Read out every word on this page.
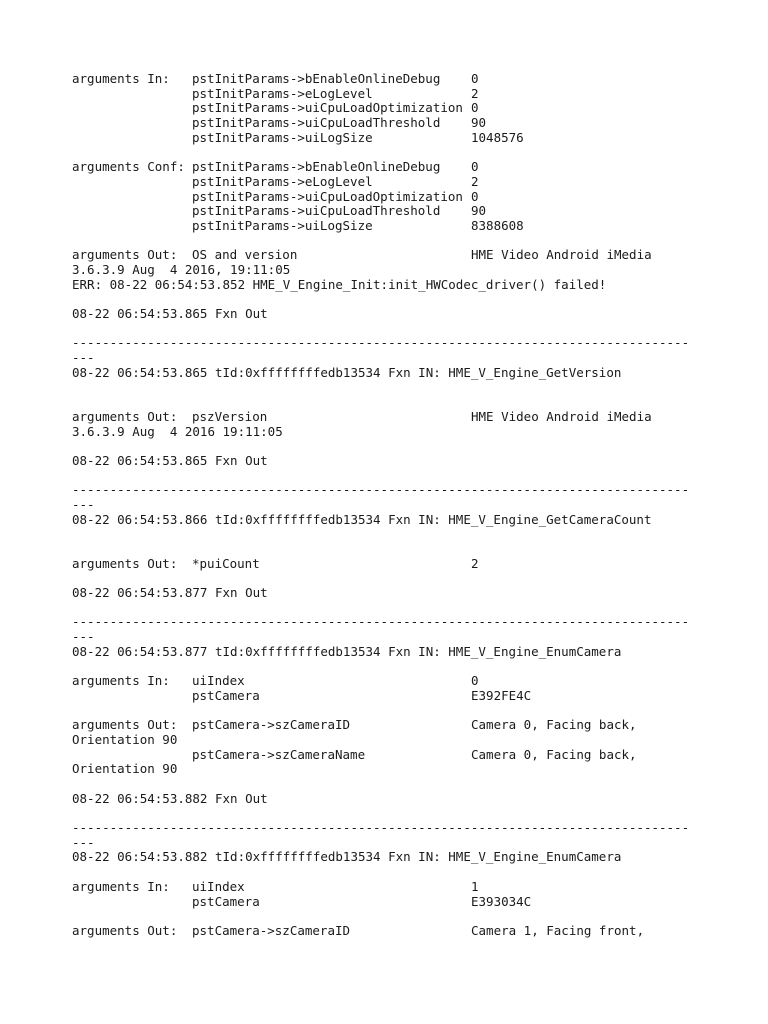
arguments In: pstInitParams->bEnableOnlineDebug 0
pstInitParams->eLogLevel	2
pstInitParams->uiCpuLoadOptimization 0
pstInitParams->uiCpuLoadThreshold 90
pstInitParams->uiLogSize	1048576
arguments Conf: pstInitParams->bEnableOnlineDebug 0
pstInitParams->eLogLevel	2
pstInitParams->uiCpuLoadOptimization 0
pstInitParams->uiCpuLoadThreshold 90
pstInitParams->uiLogSize	8388608
arguments Out: OS and version	HME Video Android iMedia
3.6.3.9 Aug  4 2016, 19:11:05
ERR: 08-22 06:54:53.852 HME_V_Engine_Init:init_HWCodec_driver() failed!
08-22 06:54:53.865 Fxn Out
----------------------------------------------------------------------------------
---
08-22 06:54:53.865 tId:0xffffffffedb13534 Fxn IN: HME_V_Engine_GetVersion
arguments Out: pszVersion	HME Video Android iMedia
3.6.3.9 Aug  4 2016 19:11:05
08-22 06:54:53.865 Fxn Out
----------------------------------------------------------------------------------
---
08-22 06:54:53.866 tId:0xffffffffedb13534 Fxn IN: HME_V_Engine_GetCameraCount
arguments Out: *puiCount	2
08-22 06:54:53.877 Fxn Out
----------------------------------------------------------------------------------
---
08-22 06:54:53.877 tId:0xffffffffedb13534 Fxn IN: HME_V_Engine_EnumCamera
arguments In: uiIndex	0
pstCamera	E392FE4C
arguments Out: pstCamera->szCameraID	Camera 0, Facing back,
Orientation 90
pstCamera->szCameraName	Camera 0, Facing back,
Orientation 90
08-22 06:54:53.882 Fxn Out
----------------------------------------------------------------------------------
---
08-22 06:54:53.882 tId:0xffffffffedb13534 Fxn IN: HME_V_Engine_EnumCamera
arguments In: uiIndex	1
pstCamera	E393034C
arguments Out: pstCamera->szCameraID	Camera 1, Facing front,
